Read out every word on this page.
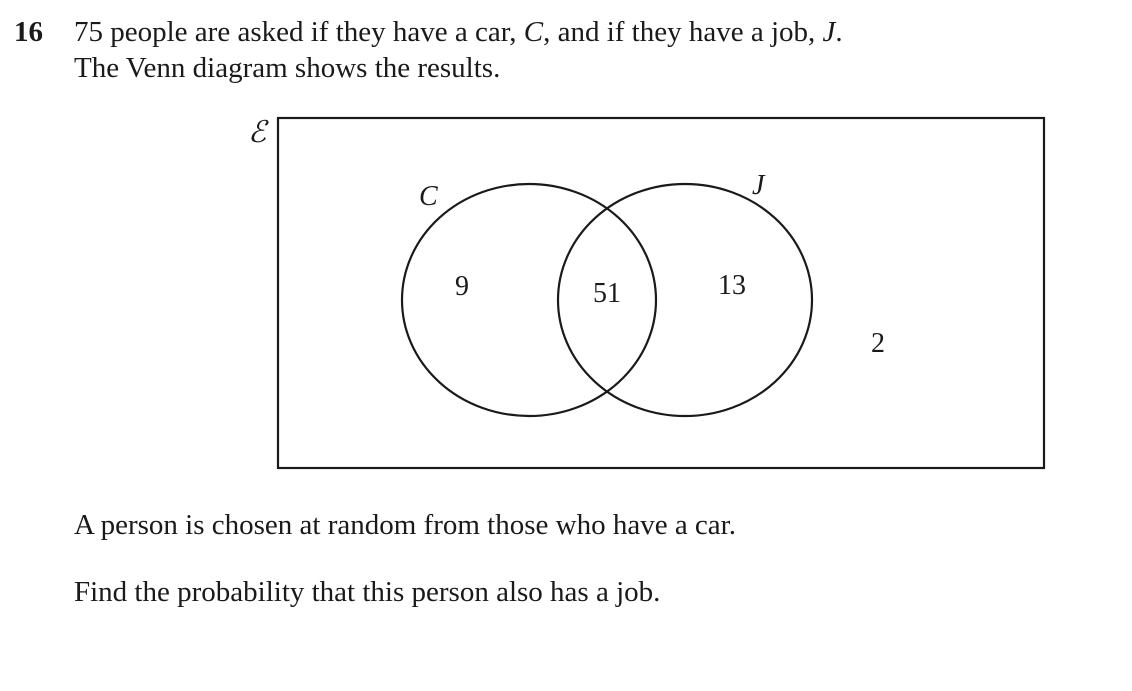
16 75 people are asked if they have a car, C, and if they have a job, J.
The Venn diagram shows the results.
ℰ
C	J
9	51	13
2
A person is chosen at random from those who have a car.
Find the probability that this person also has a job.
